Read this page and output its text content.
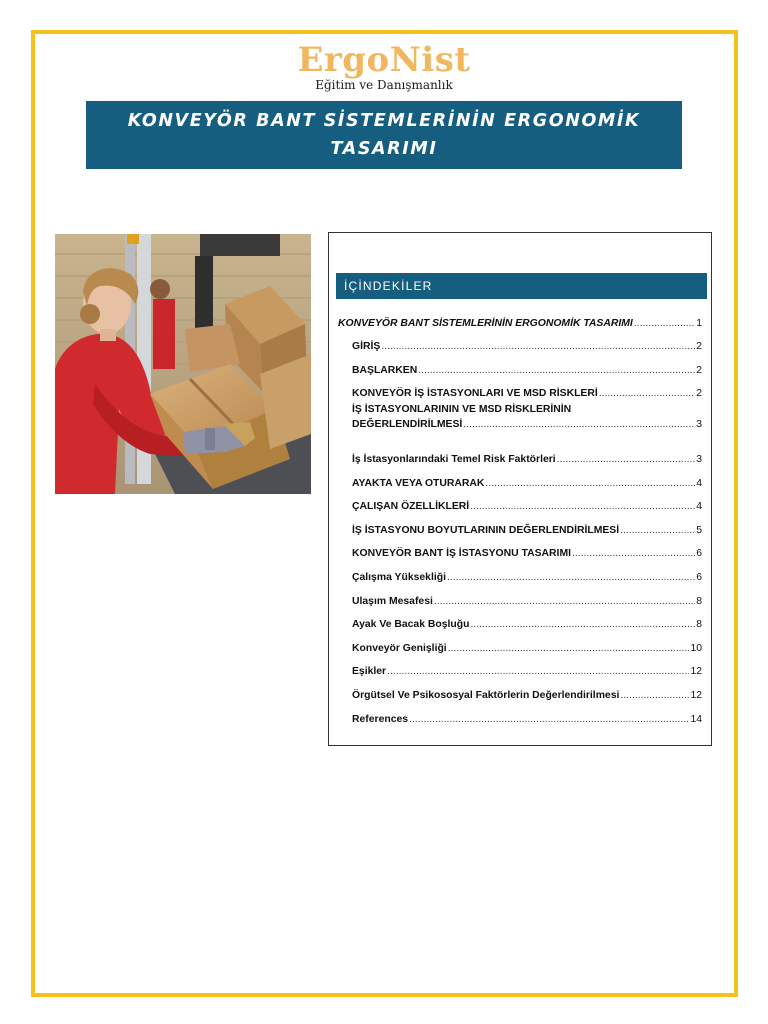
ErgoNist
Eğitim ve Danışmanlık
KONVEYÖR BANT SİSTEMLERİNİN ERGONOMİK TASARIMI
İÇİNDEKİLER
KONVEYÖR BANT SİSTEMLERİNİN ERGONOMİK TASARIMI .....	1
GİRİŞ .....	2
BAŞLARKEN .....	2
KONVEYÖR İŞ İSTASYONLARI VE MSD RİSKLERİ .....	2
İŞ İSTASYONLARININ VE MSD RİSKLERİNİN
DEĞERLENDİRİLMESİ .....	3
İş İstasyonlarındaki Temel Risk Faktörleri .....	3
AYAKTA VEYA OTURARAK .....	4
ÇALIŞAN ÖZELLİKLERİ .....	4
İŞ İSTASYONU BOYUTLARININ DEĞERLENDİRİLMESİ .....	5
KONVEYÖR BANT İŞ İSTASYONU TASARIMI .....	6
Çalışma Yüksekliği .....	6
Ulaşım Mesafesi .....	8
Ayak Ve Bacak Boşluğu .....	8
Konveyör Genişliği .....	10
Eşikler .....	12
Örgütsel Ve Psikososyal Faktörlerin Değerlendirilmesi .....	12
References .....	14
